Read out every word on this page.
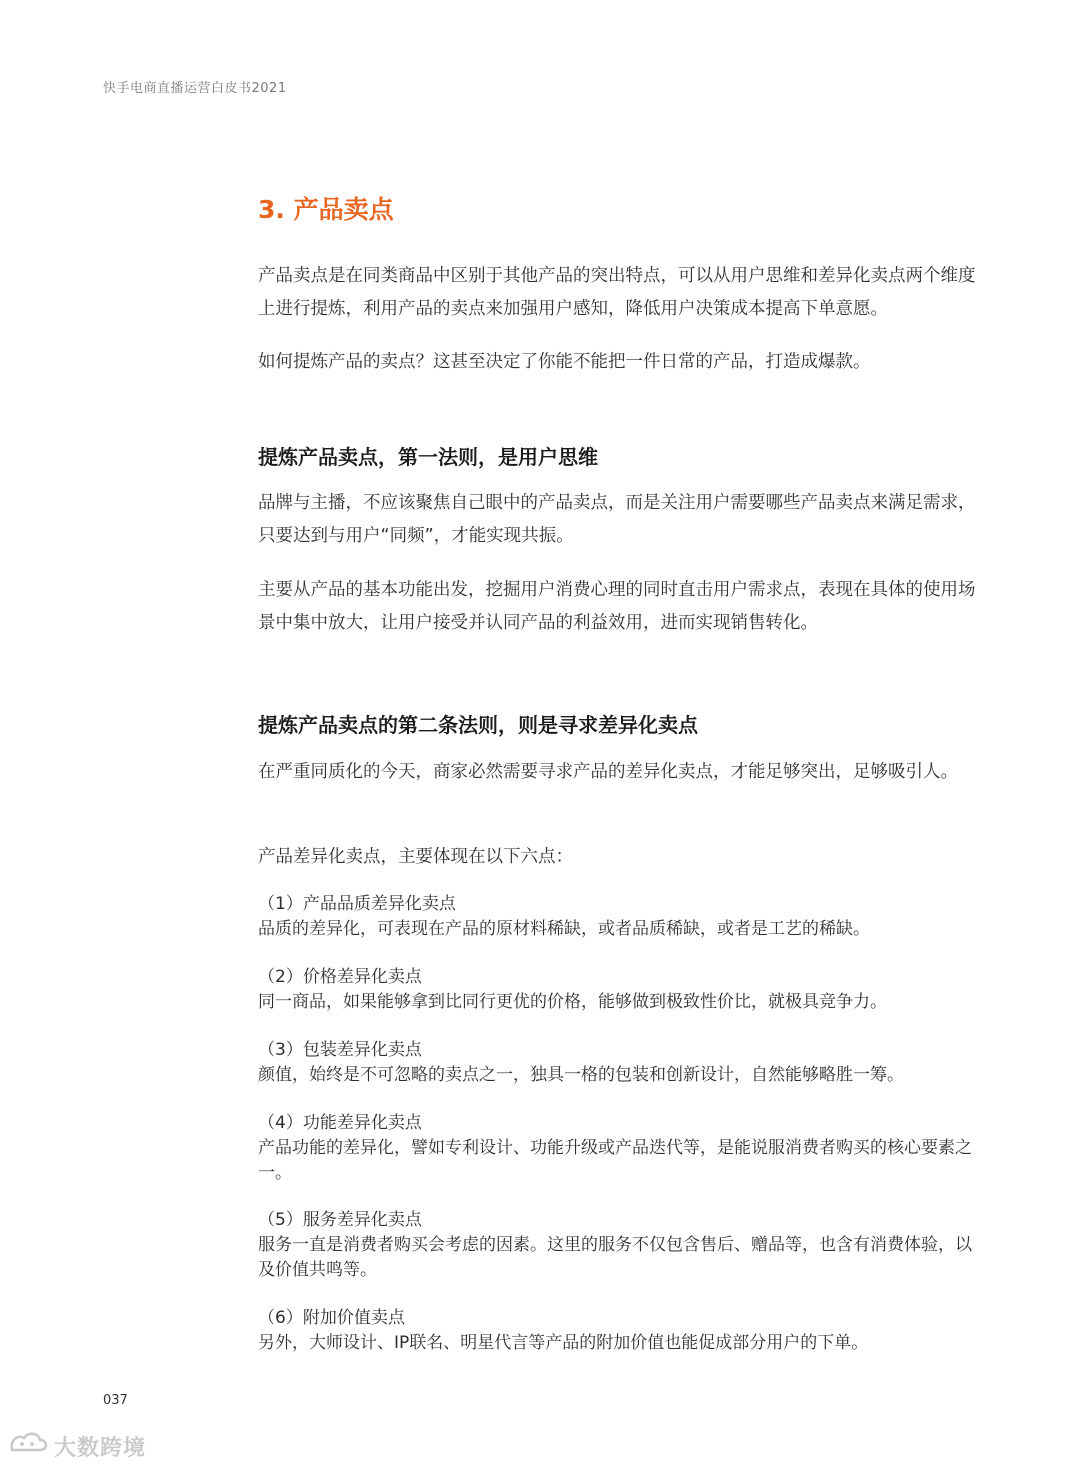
快手电商直播运营白皮书2021
3. 产品卖点
产品卖点是在同类商品中区别于其他产品的突出特点，可以从用户思维和差异化卖点两个维度上进行提炼，利用产品的卖点来加强用户感知，降低用户决策成本提高下单意愿。
如何提炼产品的卖点？这甚至决定了你能不能把一件日常的产品，打造成爆款。
提炼产品卖点，第一法则，是用户思维
品牌与主播，不应该聚焦自己眼中的产品卖点，而是关注用户需要哪些产品卖点来满足需求，只要达到与用户“同频”，才能实现共振。
主要从产品的基本功能出发，挖掘用户消费心理的同时直击用户需求点，表现在具体的使用场景中集中放大，让用户接受并认同产品的利益效用，进而实现销售转化。
提炼产品卖点的第二条法则，则是寻求差异化卖点
在严重同质化的今天，商家必然需要寻求产品的差异化卖点，才能足够突出，足够吸引人。
产品差异化卖点，主要体现在以下六点：
（1）产品品质差异化卖点
品质的差异化，可表现在产品的原材料稀缺，或者品质稀缺，或者是工艺的稀缺。
（2）价格差异化卖点
同一商品，如果能够拿到比同行更优的价格，能够做到极致性价比，就极具竞争力。
（3）包装差异化卖点
颜值，始终是不可忽略的卖点之一，独具一格的包装和创新设计，自然能够略胜一筹。
（4）功能差异化卖点
产品功能的差异化，譬如专利设计、功能升级或产品迭代等，是能说服消费者购买的核心要素之一。
（5）服务差异化卖点
服务一直是消费者购买会考虑的因素。这里的服务不仅包含售后、赠品等，也含有消费体验，以及价值共鸣等。
（6）附加价值卖点
另外，大师设计、IP联名、明星代言等产品的附加价值也能促成部分用户的下单。
037
大数跨境
